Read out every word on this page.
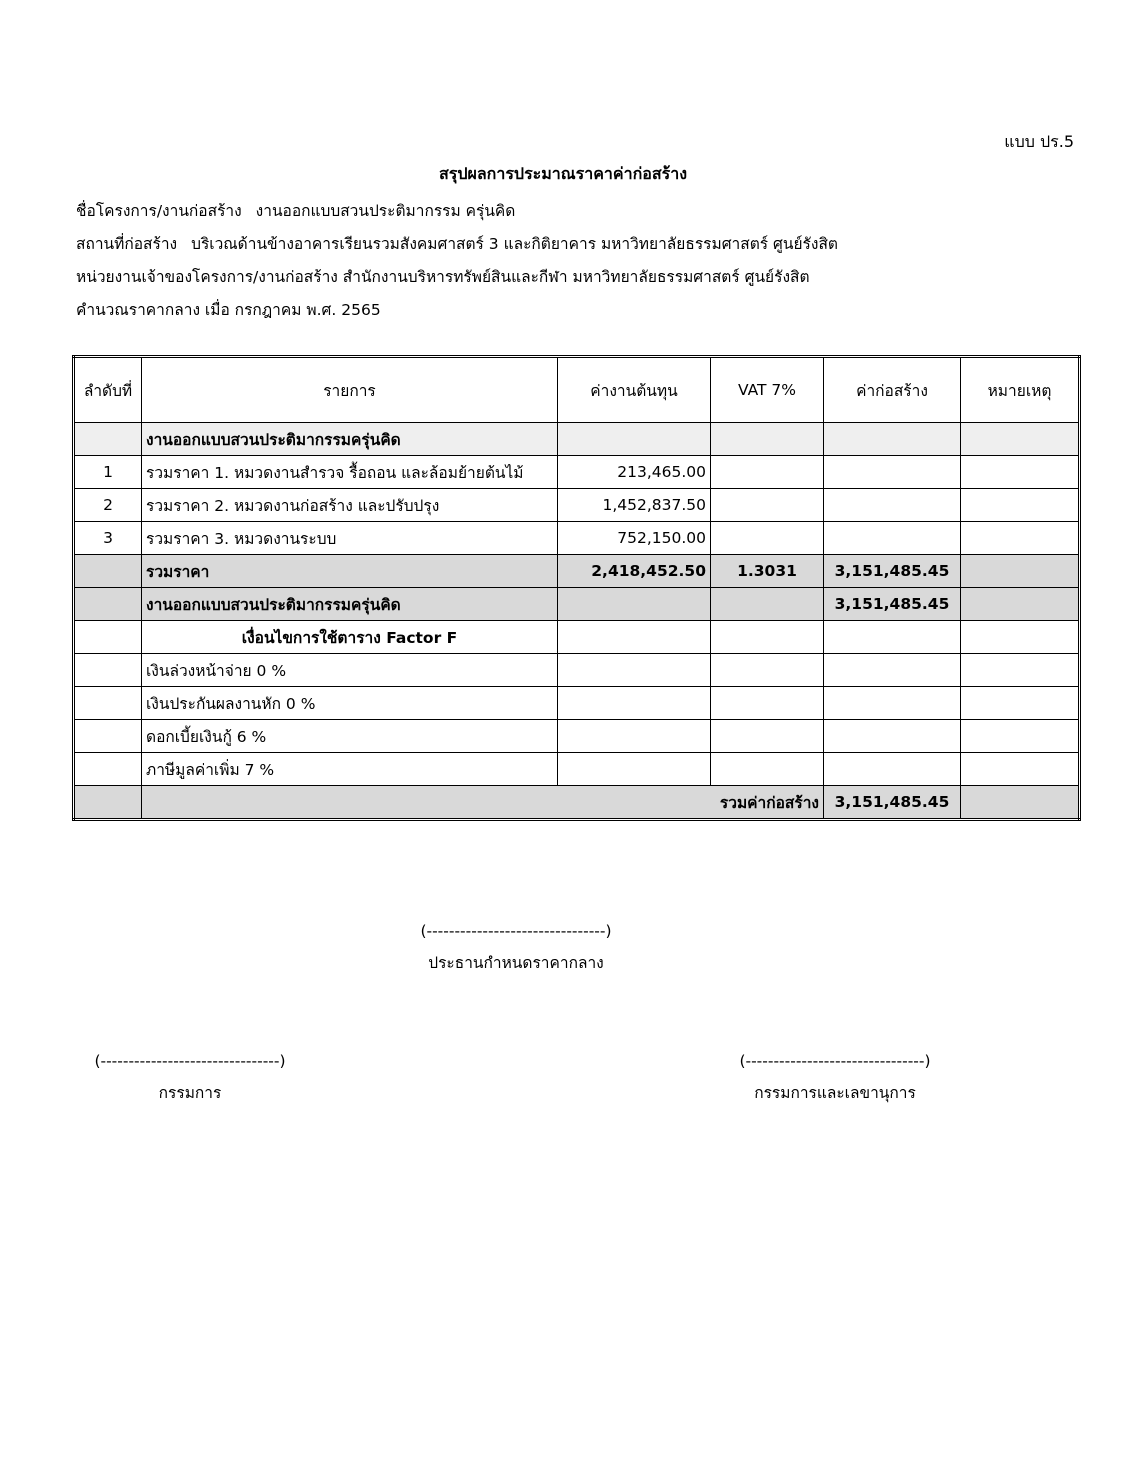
แบบ ปร.5
สรุปผลการประมาณราคาค่าก่อสร้าง
ชื่อโครงการ/งานก่อสร้าง งานออกแบบสวนประติมากรรม ครุ่นคิด
สถานที่ก่อสร้าง บริเวณด้านข้างอาคารเรียนรวมสังคมศาสตร์ 3 และกิติยาคาร มหาวิทยาลัยธรรมศาสตร์ ศูนย์รังสิต
หน่วยงานเจ้าของโครงการ/งานก่อสร้าง สำนักงานบริหารทรัพย์สินและกีฬา มหาวิทยาลัยธรรมศาสตร์ ศูนย์รังสิต
คำนวณราคากลาง เมื่อ กรกฎาคม พ.ศ. 2565
ลำดับที่	รายการ	ค่างานต้นทุน	VAT 7%	ค่าก่อสร้าง	หมายเหตุ
	งานออกแบบสวนประติมากรรมครุ่นคิด				
1	รวมราคา 1. หมวดงานสำรวจ รื้อถอน และล้อมย้ายต้นไม้	213,465.00			
2	รวมราคา 2. หมวดงานก่อสร้าง และปรับปรุง	1,452,837.50			
3	รวมราคา 3. หมวดงานระบบ	752,150.00			
	รวมราคา	2,418,452.50	1.3031	3,151,485.45	
	งานออกแบบสวนประติมากรรมครุ่นคิด			3,151,485.45	
	เงื่อนไขการใช้ตาราง Factor F				
	เงินล่วงหน้าจ่าย 0 %				
	เงินประกันผลงานหัก 0 %				
	ดอกเบี้ยเงินกู้ 6 %				
	ภาษีมูลค่าเพิ่ม 7 %				
	รวมค่าก่อสร้าง			3,151,485.45	
(--------------------------------)
ประธานกำหนดราคากลาง
(--------------------------------)
กรรมการ
(--------------------------------)
กรรมการและเลขานุการ
